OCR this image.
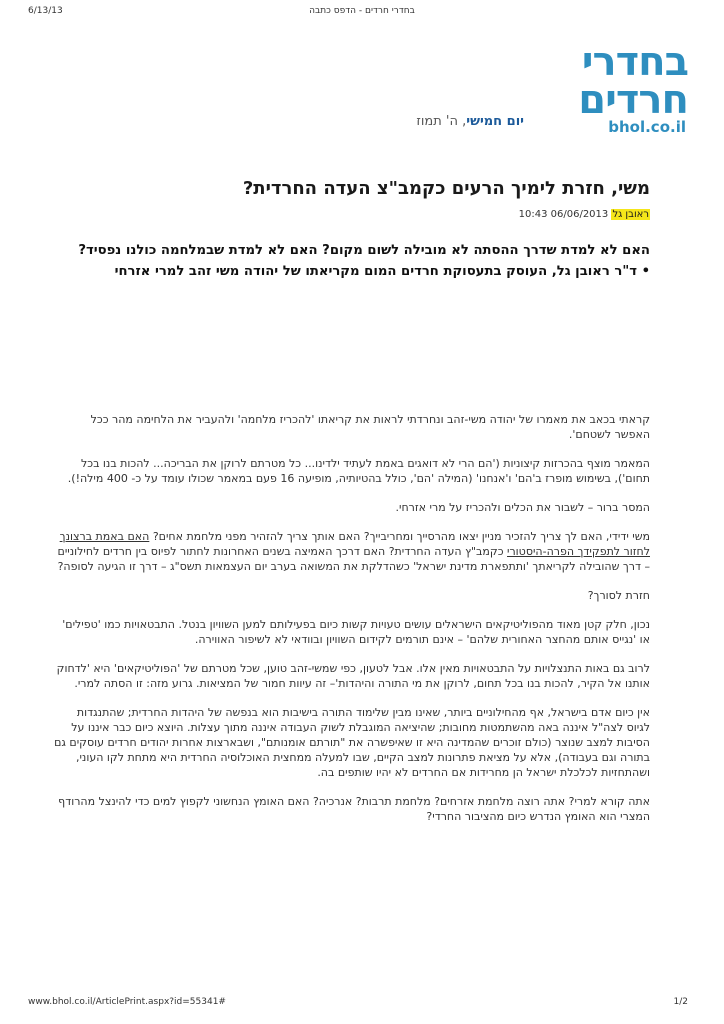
6/13/13	בחדרי חרדים - הדפס כתבה
בחדרי
חרדים
bhol.co.il
יום חמישי, ה' תמוז
משי, חזרת לימיך הרעים כקמב"צ העדה החרדית?
ראובן גל 06/06/2013 10:43

האם לא למדת שדרך ההסתה לא מובילה לשום מקום? האם לא למדת שבמלחמה כולנו נפסיד? • ד"ר ראובן גל, העוסק בתעסוקת חרדים המום מקריאתו של יהודה משי זהב למרי אזרחי

קראתי בכאב את מאמרו של יהודה משי-זהב ונחרדתי לראות את קריאתו 'להכריז מלחמה' ולהעביר את הלחימה מהר ככל האפשר לשטחם'.

המאמר מוצף בהכרזות קיצוניות ('הם הרי לא דואגים באמת לעתיד ילדינו... כל מטרתם לרוקן את הבריכה... להכות בנו בכל תחום'), בשימוש מופרז ב'הם' ו'אנחנו' (המילה 'הם', כולל בהטיותיה, מופיעה 16 פעם במאמר שכולו עומד על כ- 400 מילה!).

המסר ברור – לשבור את הכלים ולהכריז על מרי אזרחי.

משי ידידי, האם לך צריך להזכיר מניין יצאו מהרסייך ומחריבייך? האם אותך צריך להזהיר מפני מלחמת אחים? האם באמת ברצונך לחזור לתפקידך הפרה-היסטורי כקמב"ץ העדה החרדית? האם דרכך האמיצה בשנים האחרונות לחתור לפיוס בין חרדים לחילוניים – דרך שהובילה לקריאתך 'ותתפארת מדינת ישראל' כשהדלקת את המשואה בערב יום העצמאות תשס"ג – דרך זו הגיעה לסופה?

חזרת לסורך?

נכון, חלק קטן מאוד מהפוליטיקאים הישראלים עושים טעויות קשות כיום בפעילותם למען השוויון בנטל. התבטאויות כמו 'טפילים' או 'נגייס אותם מהחצר האחורית שלהם' – אינם תורמים לקידום השוויון ובוודאי לא לשיפור האווירה.

לרוב גם באות התנצלויות על התבטאויות מאין אלו. אבל לטעון, כפי שמשי-זהב טוען, שכל מטרתם של 'הפוליטיקאים' היא 'לדחוק אותנו אל הקיר, להכות בנו בכל תחום, לרוקן את מי התורה והיהדות'– זה עיוות חמור של המציאות. גרוע מזה: זו הסתה למרי.

אין כיום אדם בישראל, אף מהחילוניים ביותר, שאינו מבין שלימוד התורה בישיבות הוא בנפשה של היהדות החרדית; שהתנגדות לגיוס לצה"ל איננה באה מהשתמטות מחובות; שהיציאה המוגבלת לשוק העבודה איננה מתוך עצלות. היוצא כיום כבר איננו על הסיבות למצב שנוצר (כולם זוכרים שהמדינה היא זו שאיפשרה את "תורתם אומנותם", ושבארצות אחרות יהודים חרדים עוסקים גם בתורה וגם בעבודה), אלא על מציאת פתרונות למצב הקיים, שבו למעלה ממחצית האוכלוסיה החרדית היא מתחת לקו העוני, ושהתחזיות לכלכלת ישראל הן מחרידות אם החרדים לא יהיו שותפים בה.

אתה קורא למרי? אתה רוצה מלחמת אזרחים? מלחמת תרבות? אנרכיה? האם האומץ הנחשוני לקפוץ למים כדי להינצל מהרודף המצרי הוא האומץ הנדרש כיום מהציבור החרדי?

www.bhol.co.il/ArticlePrint.aspx?id=55341#	1/2
